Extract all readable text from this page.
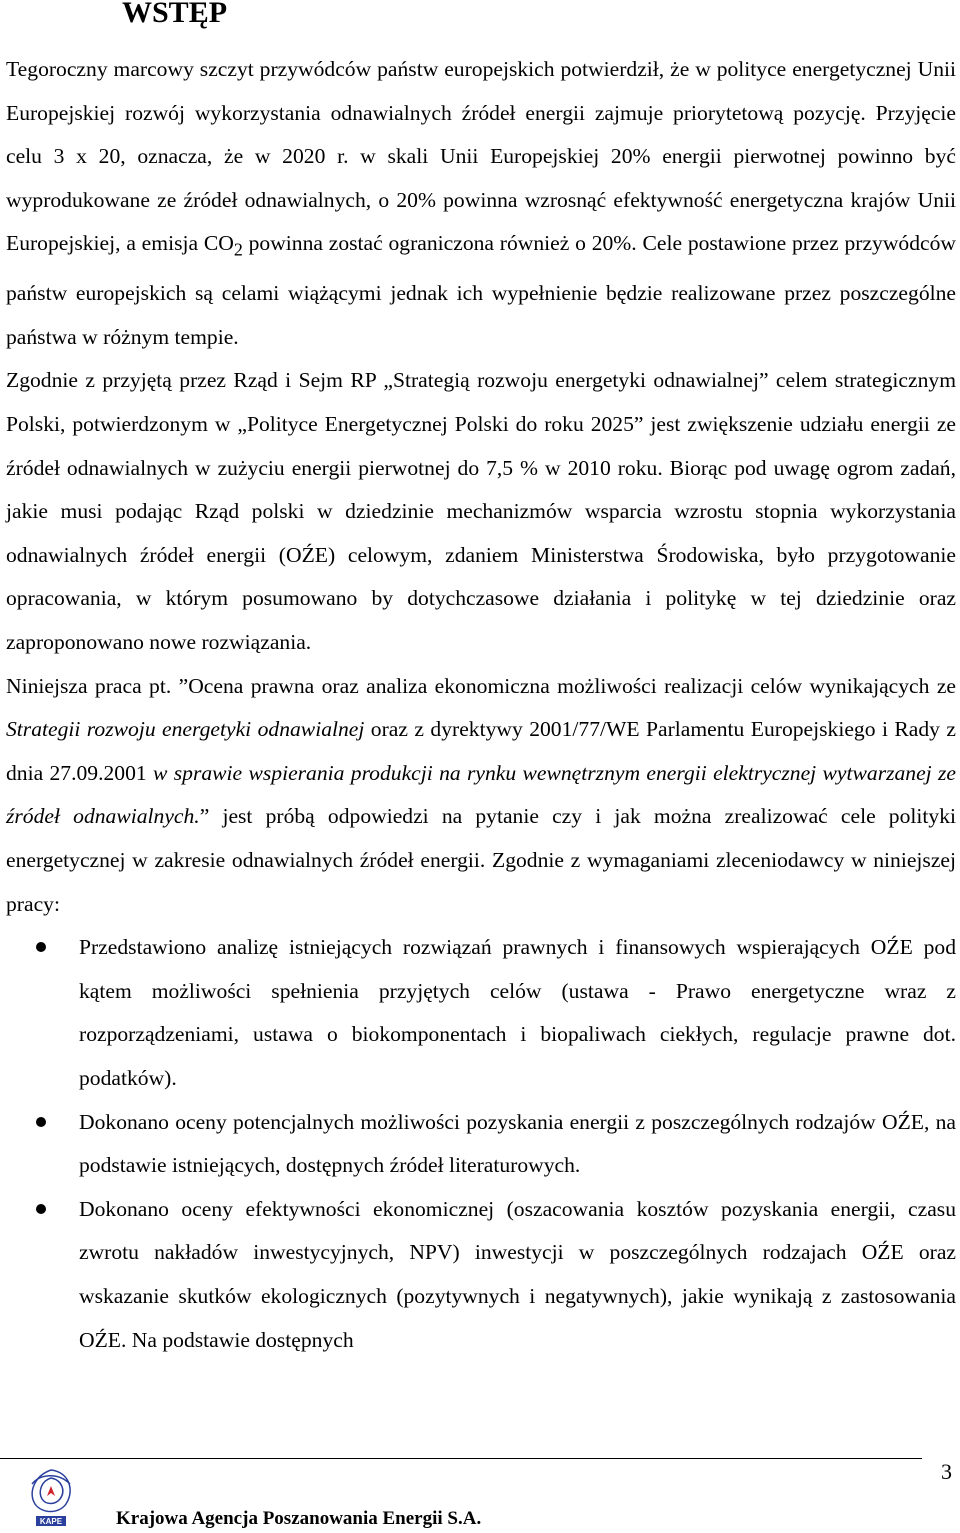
WSTĘP

Tegoroczny marcowy szczyt przywódców państw europejskich potwierdził, że w polityce energetycznej Unii Europejskiej rozwój wykorzystania odnawialnych źródeł energii zajmuje priorytetową pozycję. Przyjęcie celu 3 x 20, oznacza, że w 2020 r. w skali Unii Europejskiej 20% energii pierwotnej powinno być wyprodukowane ze źródeł odnawialnych, o 20% powinna wzrosnąć efektywność energetyczna krajów Unii Europejskiej, a emisja $CO_2$ powinna zostać ograniczona również o 20%. Cele postawione przez przywódców państw europejskich są celami wiążącymi jednak ich wypełnienie będzie realizowane przez poszczególne państwa w różnym tempie.

Zgodnie z przyjętą przez Rząd i Sejm RP „Strategią rozwoju energetyki odnawialnej” celem strategicznym Polski, potwierdzonym w „Polityce Energetycznej Polski do roku 2025” jest zwiększenie udziału energii ze źródeł odnawialnych w zużyciu energii pierwotnej do 7,5 % w 2010 roku. Biorąc pod uwagę ogrom zadań, jakie musi podając Rząd polski w dziedzinie mechanizmów wsparcia wzrostu stopnia wykorzystania odnawialnych źródeł energii (OŹE) celowym, zdaniem Ministerstwa Środowiska, było przygotowanie opracowania, w którym posumowano by dotychczasowe działania i politykę w tej dziedzinie oraz zaproponowano nowe rozwiązania.

Niniejsza praca pt. ”Ocena prawna oraz analiza ekonomiczna możliwości realizacji celów wynikających ze Strategii rozwoju energetyki odnawialnej oraz z dyrektywy 2001/77/WE Parlamentu Europejskiego i Rady z dnia 27.09.2001 w sprawie wspierania produkcji na rynku wewnętrznym energii elektrycznej wytwarzanej ze źródeł odnawialnych.” jest próbą odpowiedzi na pytanie czy i jak można zrealizować cele polityki energetycznej w zakresie odnawialnych źródeł energii. Zgodnie z wymaganiami zleceniodawcy w niniejszej pracy:

Przedstawiono analizę istniejących rozwiązań prawnych i finansowych wspierających OŹE pod kątem możliwości spełnienia przyjętych celów (ustawa - Prawo energetyczne wraz z rozporządzeniami, ustawa o biokomponentach i biopaliwach ciekłych, regulacje prawne dot. podatków).
Dokonano oceny potencjalnych możliwości pozyskania energii z poszczególnych rodzajów OŹE, na podstawie istniejących, dostępnych źródeł literaturowych.
Dokonano oceny efektywności ekonomicznej (oszacowania kosztów pozyskania energii, czasu zwrotu nakładów inwestycyjnych, NPV) inwestycji w poszczególnych rodzajach OŹE oraz wskazanie skutków ekologicznych (pozytywnych i negatywnych), jakie wynikają z zastosowania OŹE. Na podstawie dostępnych
3
KAPE	Krajowa Agencja Poszanowania Energii S.A.
